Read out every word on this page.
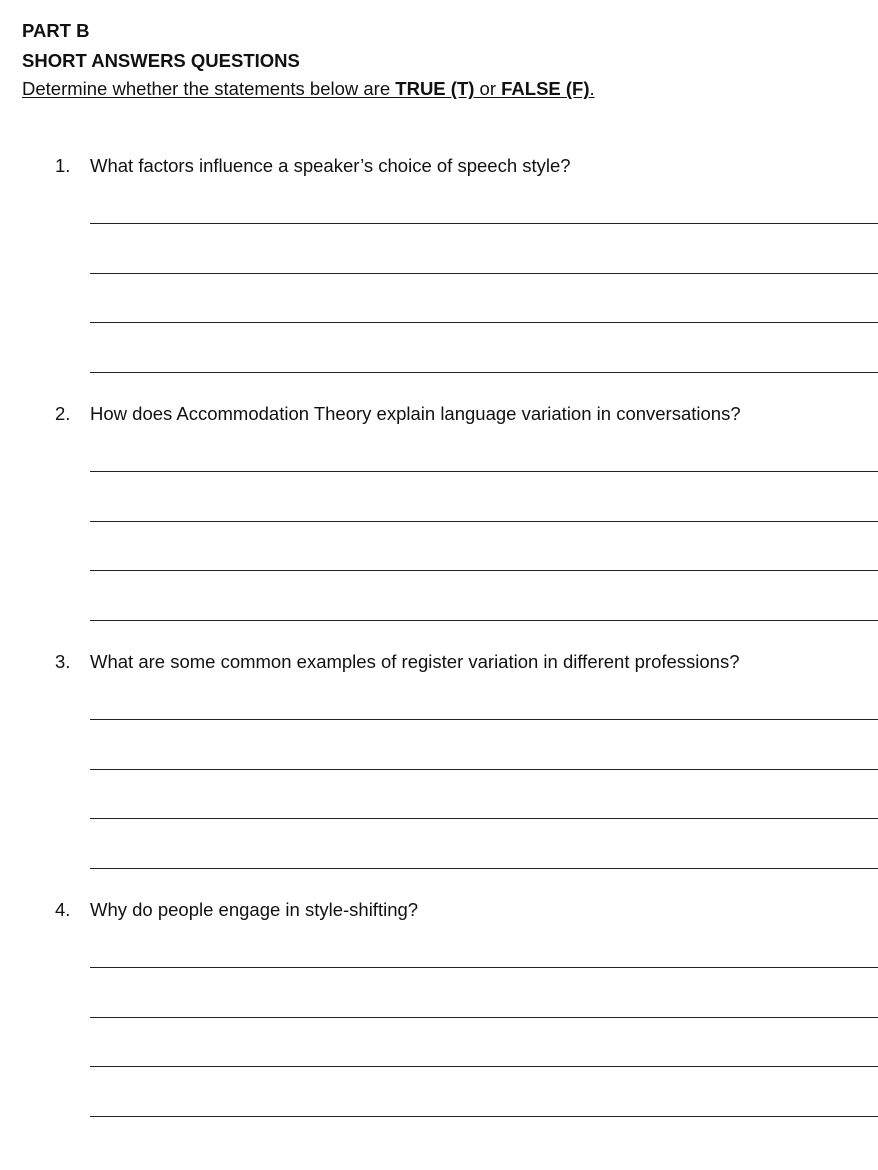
PART B
SHORT ANSWERS QUESTIONS
Determine whether the statements below are TRUE (T) or FALSE (F).
1. What factors influence a speaker’s choice of speech style?
2. How does Accommodation Theory explain language variation in conversations?
3. What are some common examples of register variation in different professions?
4. Why do people engage in style-shifting?
